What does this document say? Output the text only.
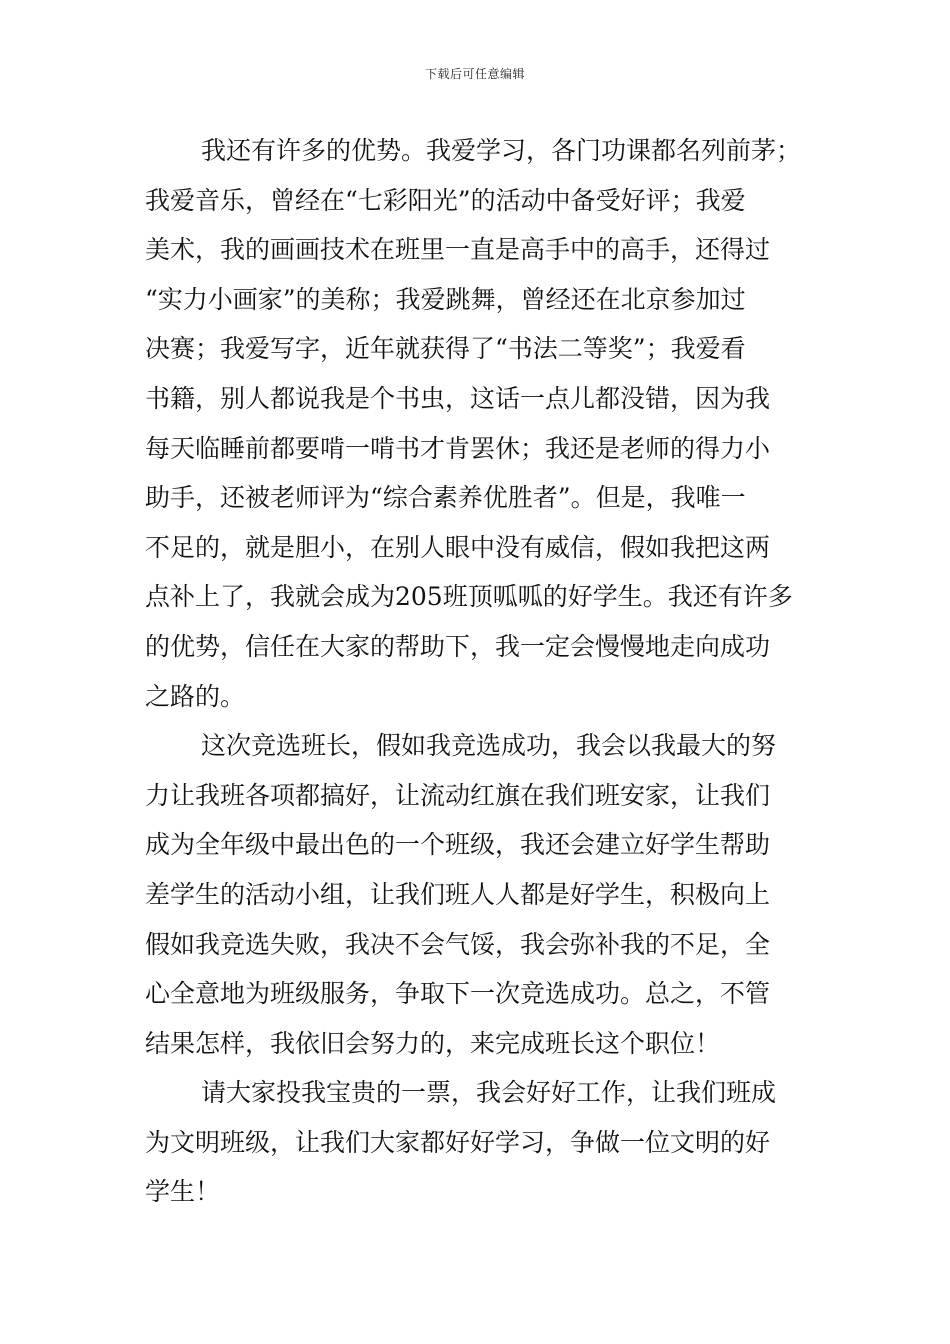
下载后可任意编辑
我还有许多的优势。我爱学习，各门功课都名列前茅；
我爱音乐，曾经在“七彩阳光”的活动中备受好评；我爱
美术，我的画画技术在班里一直是高手中的高手，还得过
“实力小画家”的美称；我爱跳舞，曾经还在北京参加过
决赛；我爱写字，近年就获得了“书法二等奖”；我爱看
书籍，别人都说我是个书虫，这话一点儿都没错，因为我
每天临睡前都要啃一啃书才肯罢休；我还是老师的得力小
助手，还被老师评为“综合素养优胜者”。但是，我唯一
不足的，就是胆小，在别人眼中没有威信，假如我把这两
点补上了，我就会成为205班顶呱呱的好学生。我还有许多
的优势，信任在大家的帮助下，我一定会慢慢地走向成功
之路的。
这次竞选班长，假如我竞选成功，我会以我最大的努
力让我班各项都搞好，让流动红旗在我们班安家，让我们
成为全年级中最出色的一个班级，我还会建立好学生帮助
差学生的活动小组，让我们班人人都是好学生，积极向上
假如我竞选失败，我决不会气馁，我会弥补我的不足，全
心全意地为班级服务，争取下一次竞选成功。总之，不管
结果怎样，我依旧会努力的，来完成班长这个职位！
请大家投我宝贵的一票，我会好好工作，让我们班成
为文明班级，让我们大家都好好学习，争做一位文明的好
学生！
